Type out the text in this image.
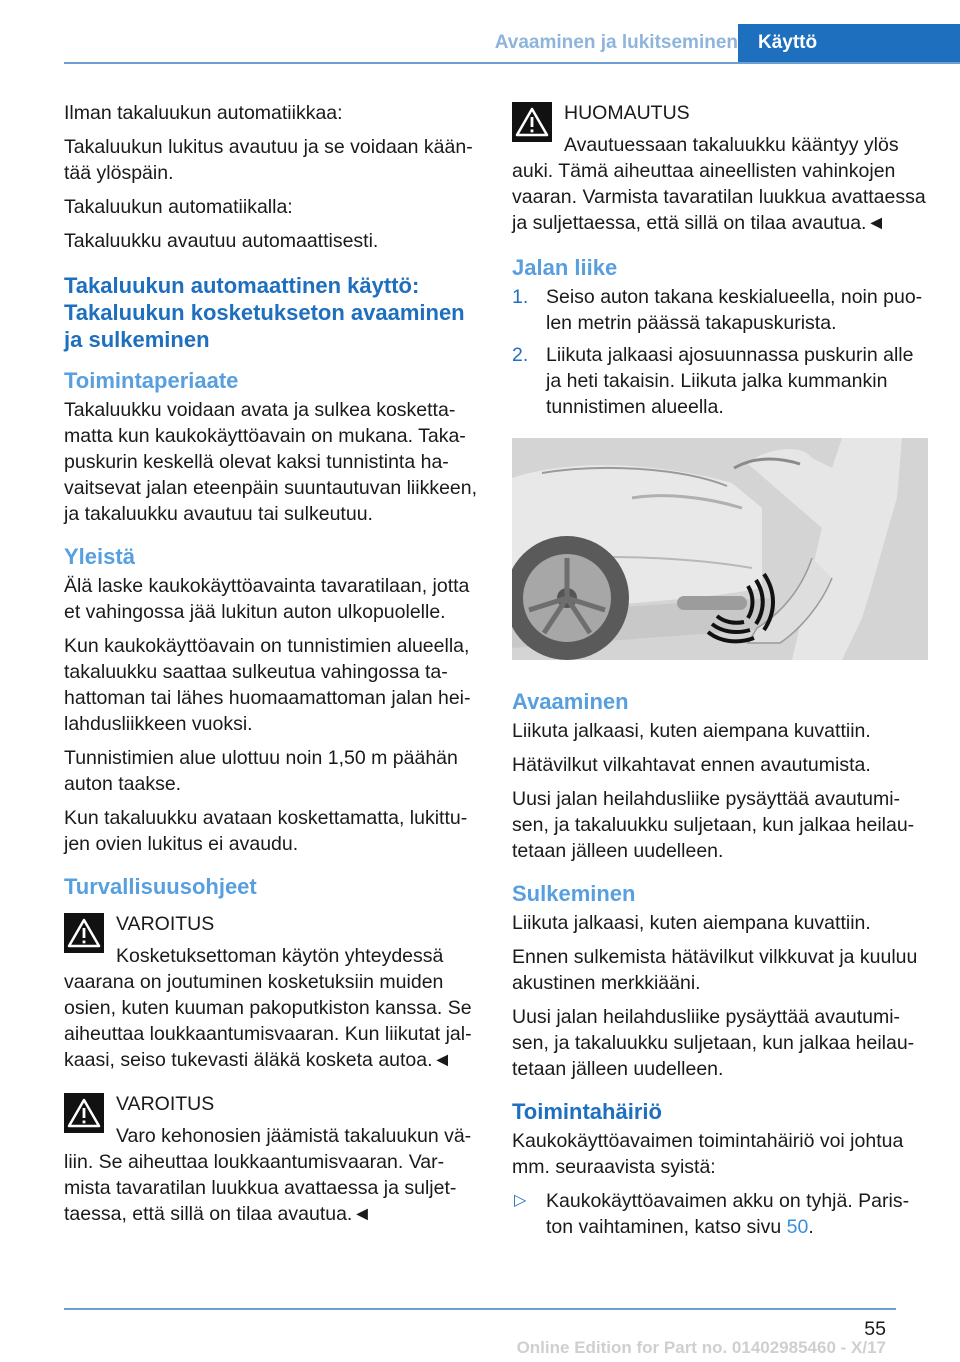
Avaaminen ja lukitseminen	Käyttö

Ilman takaluukun automatiikkaa:

Takaluukun lukitus avautuu ja se voidaan kään-tää ylöspäin.

Takaluukun automatiikalla:

Takaluukku avautuu automaattisesti.

Takaluukun automaattinen käyttö: Takaluukun kosketukseton avaaminen ja sulkeminen
Toimintaperiaate

Takaluukku voidaan avata ja sulkea kosketta-matta kun kaukokäyttöavain on mukana. Taka-puskurin keskellä olevat kaksi tunnistinta ha-vaitsevat jalan eteenpäin suuntautuvan liikkeen, ja takaluukku avautuu tai sulkeutuu.

Yleistä

Älä laske kaukokäyttöavainta tavaratilaan, jotta et vahingossa jää lukitun auton ulkopuolelle.

Kun kaukokäyttöavain on tunnistimien alueella, takaluukku saattaa sulkeutua vahingossa ta-hattoman tai lähes huomaamattoman jalan hei-lahdusliikkeen vuoksi.

Tunnistimien alue ulottuu noin 1,50 m päähän auton taakse.

Kun takaluukku avataan koskettamatta, lukittu-jen ovien lukitus ei avaudu.

Turvallisuusohjeet
VAROITUS
Kosketuksettoman käytön yhteydessä
vaarana on joutuminen kosketuksiin muiden osien, kuten kuuman pakoputkiston kanssa. Se aiheuttaa loukkaantumisvaaran. Kun liikutat jal-kaasi, seiso tukevasti äläkä kosketa autoa.◄
VAROITUS
Varo kehonosien jäämistä takaluukun vä-
liin. Se aiheuttaa loukkaantumisvaaran. Var-mista tavaratilan luukkua avattaessa ja suljet-taessa, että sillä on tilaa avautua.◄
HUOMAUTUS
Avautuessaan takaluukku kääntyy ylös
auki. Tämä aiheuttaa aineellisten vahinkojen vaaran. Varmista tavaratilan luukkua avattaessa ja suljettaessa, että sillä on tilaa avautua.◄
Jalan liike
1. Seiso auton takana keskialueella, noin puo-len metrin päässä takapuskurista.
2. Liikuta jalkaasi ajosuunnassa puskurin alle ja heti takaisin. Liikuta jalka kummankin tunnistimen alueella.
Avaaminen

Liikuta jalkaasi, kuten aiempana kuvattiin.

Hätävilkut vilkahtavat ennen avautumista.

Uusi jalan heilahdusliike pysäyttää avautumi-sen, ja takaluukku suljetaan, kun jalkaa heilau-tetaan jälleen uudelleen.

Sulkeminen

Liikuta jalkaasi, kuten aiempana kuvattiin.

Ennen sulkemista hätävilkut vilkkuvat ja kuuluu akustinen merkkiääni.

Uusi jalan heilahdusliike pysäyttää avautumi-sen, ja takaluukku suljetaan, kun jalkaa heilau-tetaan jälleen uudelleen.

Toimintahäiriö

Kaukokäyttöavaimen toimintahäiriö voi johtua mm. seuraavista syistä:

▷ Kaukokäyttöavaimen akku on tyhjä. Paris-ton vaihtaminen, katso sivu 50.
55
Online Edition for Part no. 01402985460 - X/17
